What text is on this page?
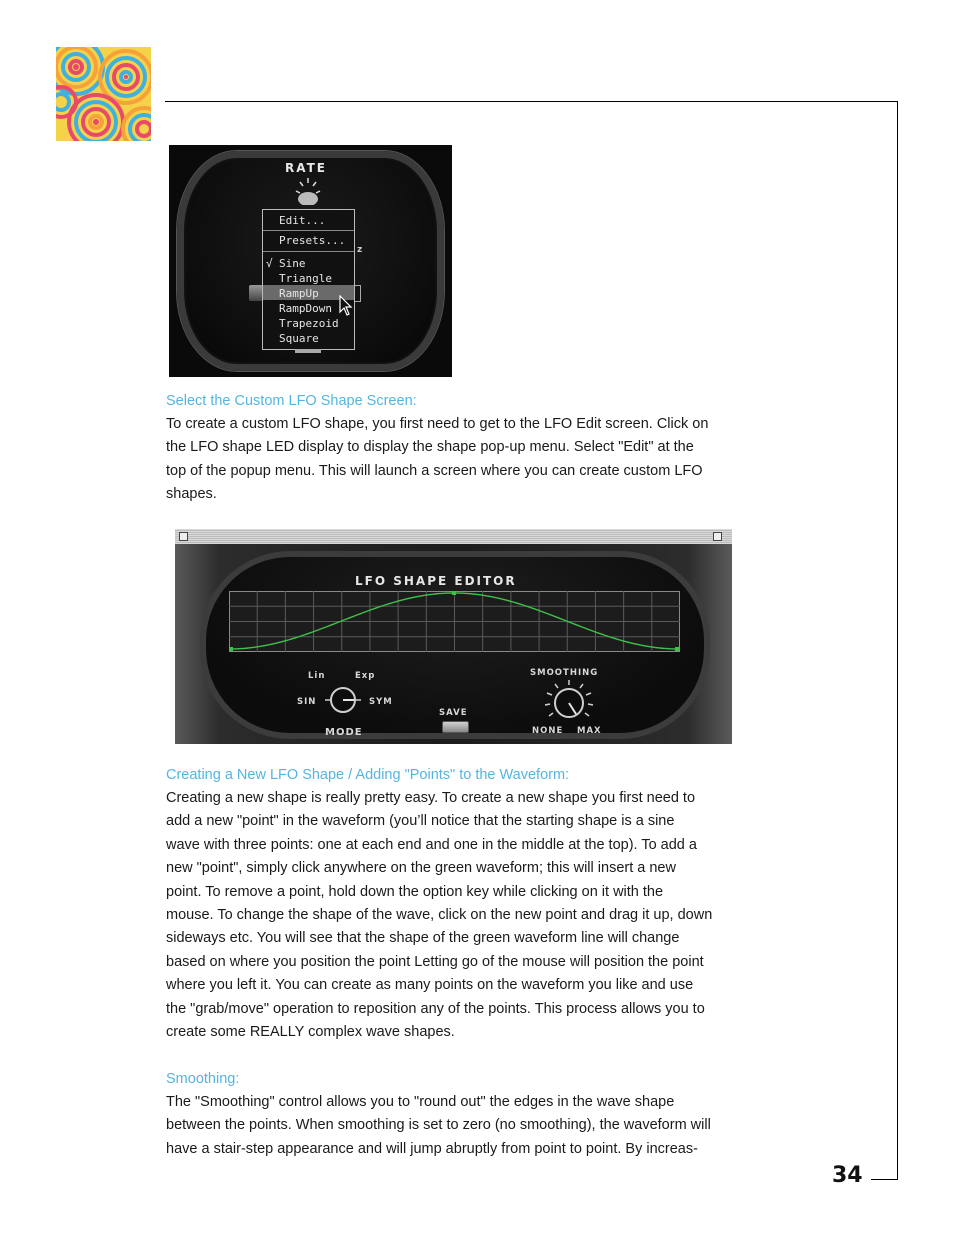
34
RATE
z
Edit...
Presets...
√ Sine
Triangle
RampUp
RampDown
Trapezoid
Square
Select the Custom LFO Shape Screen:
To create a custom LFO shape, you first need to get to the LFO Edit screen. Click on
the LFO shape LED display to display the shape pop-up menu. Select "Edit" at the
top of the popup menu. This will launch a screen where you can create custom LFO
shapes.
LFO SHAPE EDITOR
Lin	Exp
SIN	SYM
MODE
SAVE
SMOOTHING
NONE MAX
Creating a New LFO Shape / Adding "Points" to the Waveform:
Creating a new shape is really pretty easy. To create a new shape you first need to
add a new "point" in the waveform (you’ll notice that the starting shape is a sine
wave with three points: one at each end and one in the middle at the top). To add a
new "point", simply click anywhere on the green waveform; this will insert a new
point. To remove a point, hold down the option key while clicking on it with the
mouse. To change the shape of the wave, click on the new point and drag it up, down
sideways etc. You will see that the shape of the green waveform line will change
based on where you position the point Letting go of the mouse will position the point
where you left it. You can create as many points on the waveform you like and use
the "grab/move" operation to reposition any of the points. This process allows you to
create some REALLY complex wave shapes.
Smoothing:
The "Smoothing" control allows you to "round out" the edges in the wave shape
between the points. When smoothing is set to zero (no smoothing), the waveform will
have a stair-step appearance and will jump abruptly from point to point. By increas-
